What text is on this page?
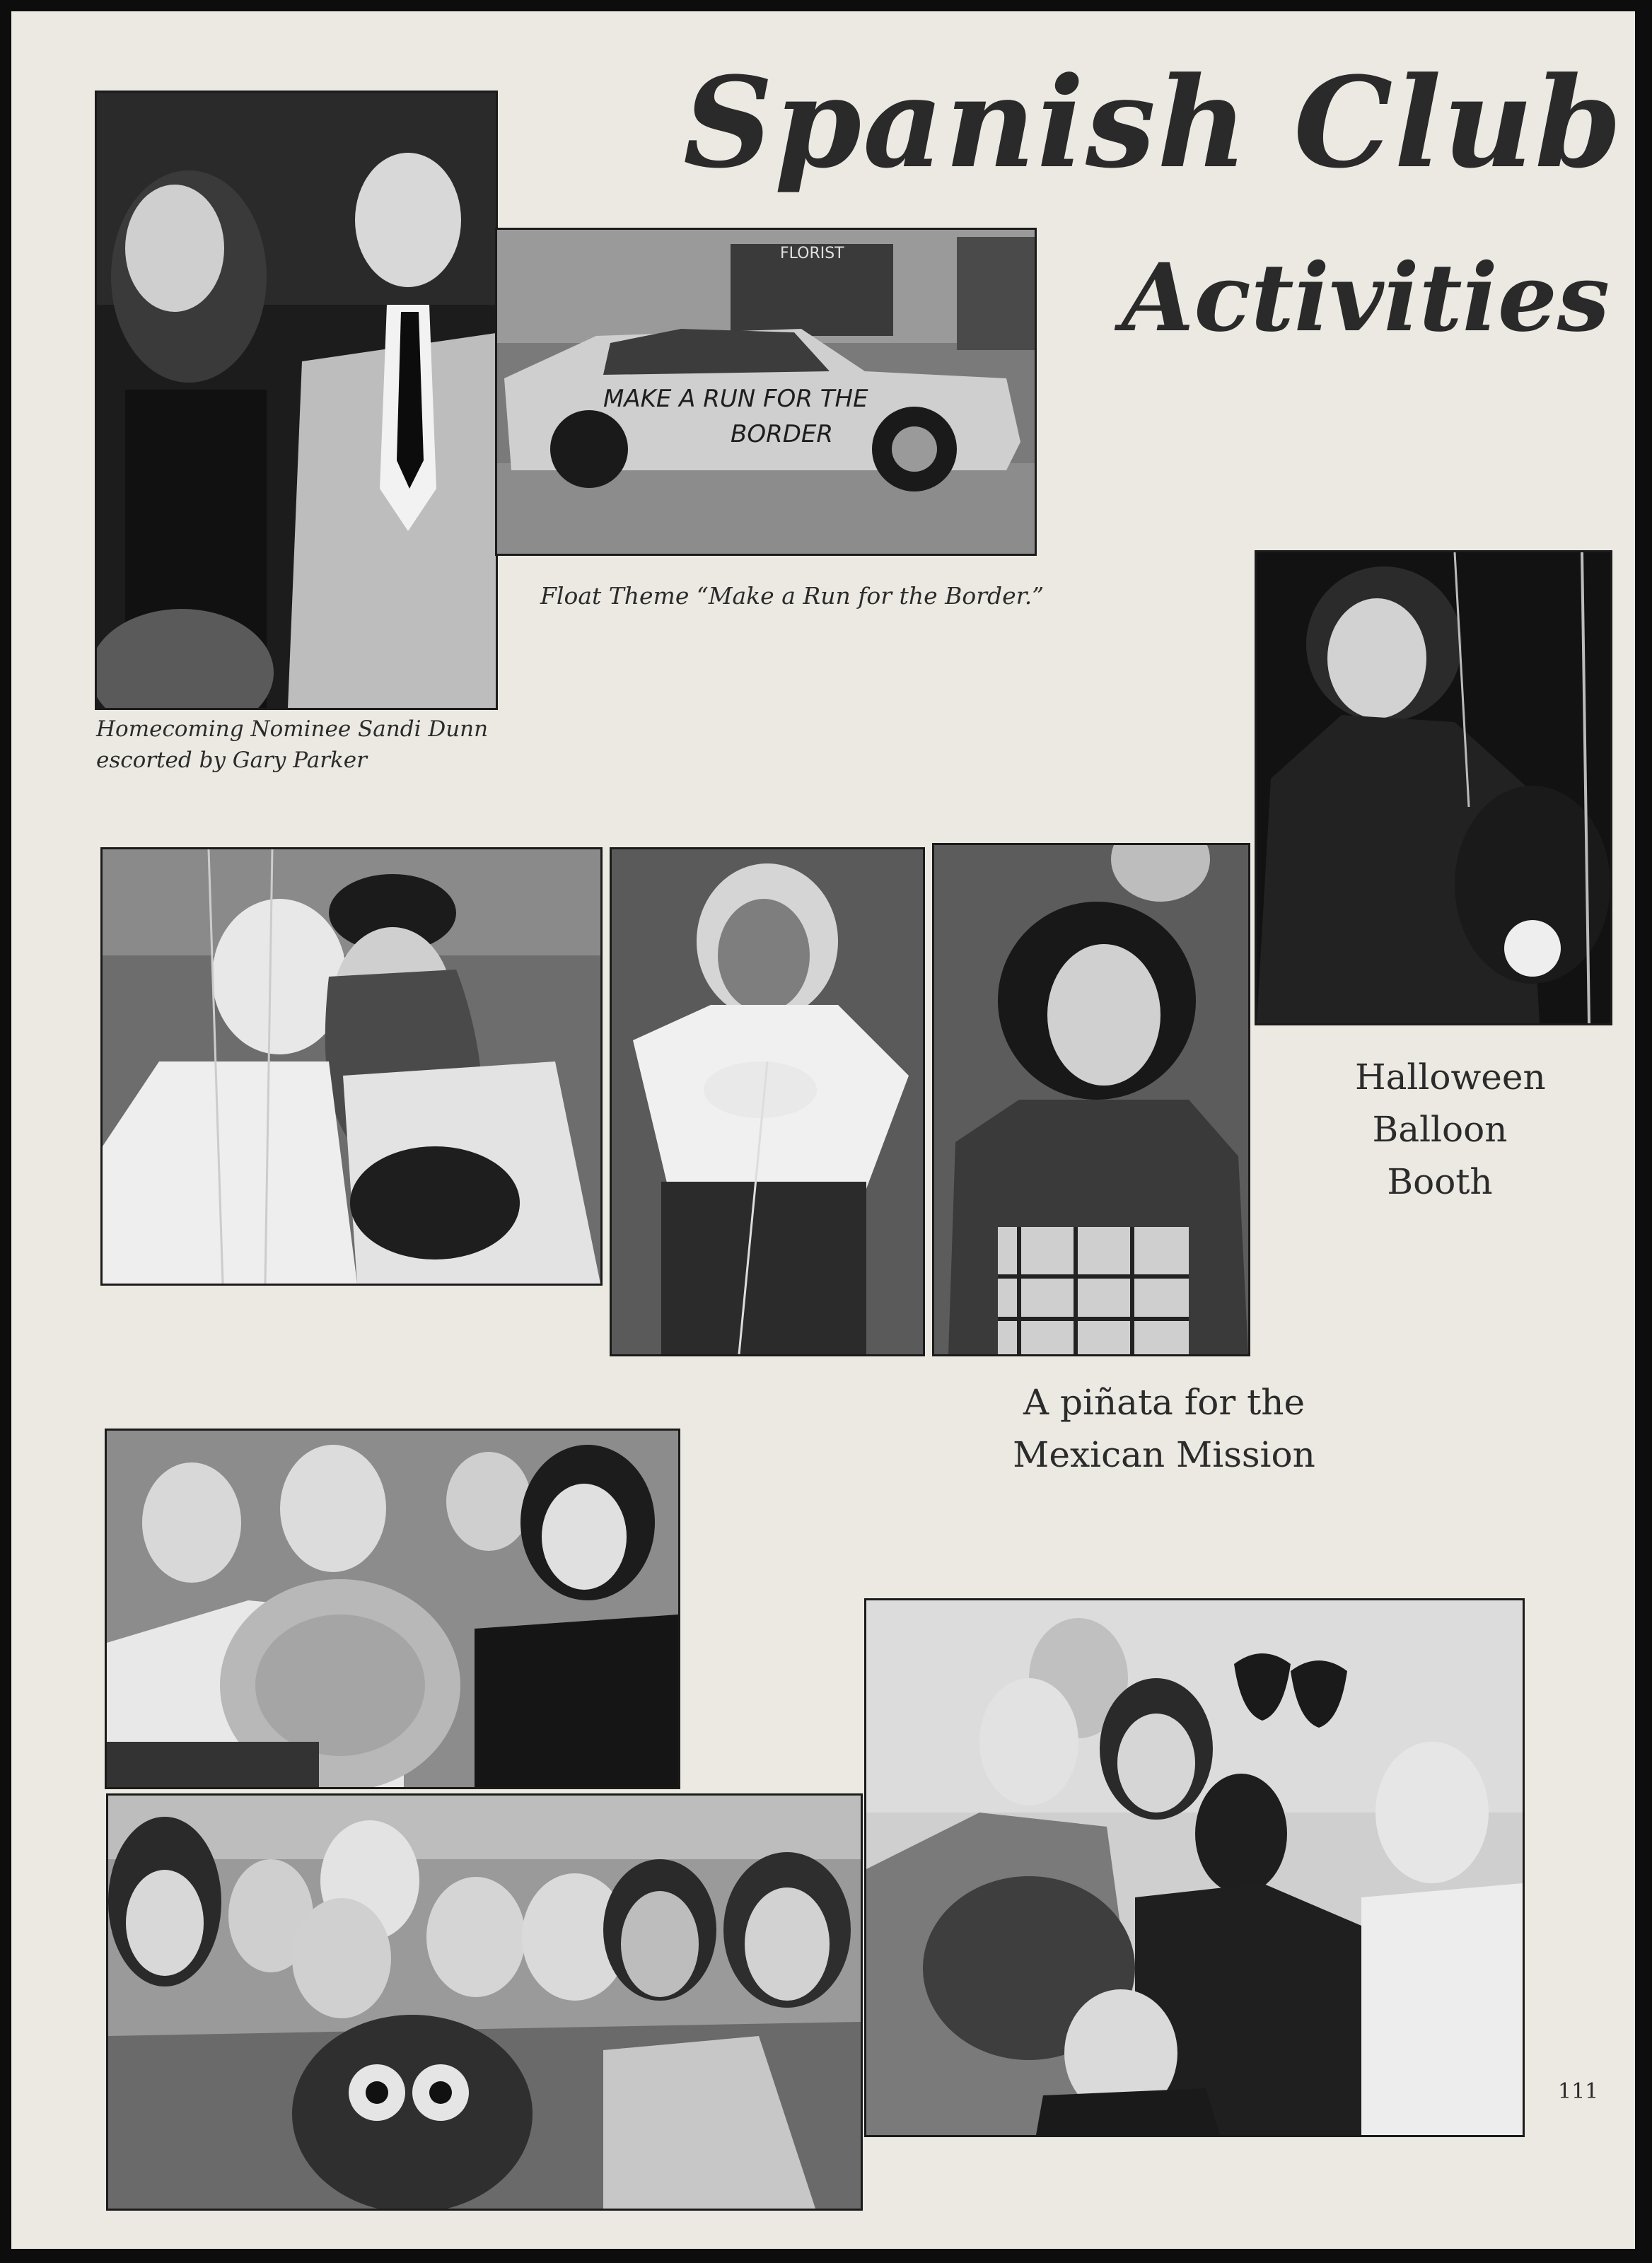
Spanish Club
Activities
Homecoming Nominee Sandi Dunn
escorted by Gary Parker
FLORIST
MAKE A RUN FOR THE
BORDER
Float Theme “Make a Run for the Border.”
Halloween
Balloon
Booth
A piñata for the
Mexican Mission
111
